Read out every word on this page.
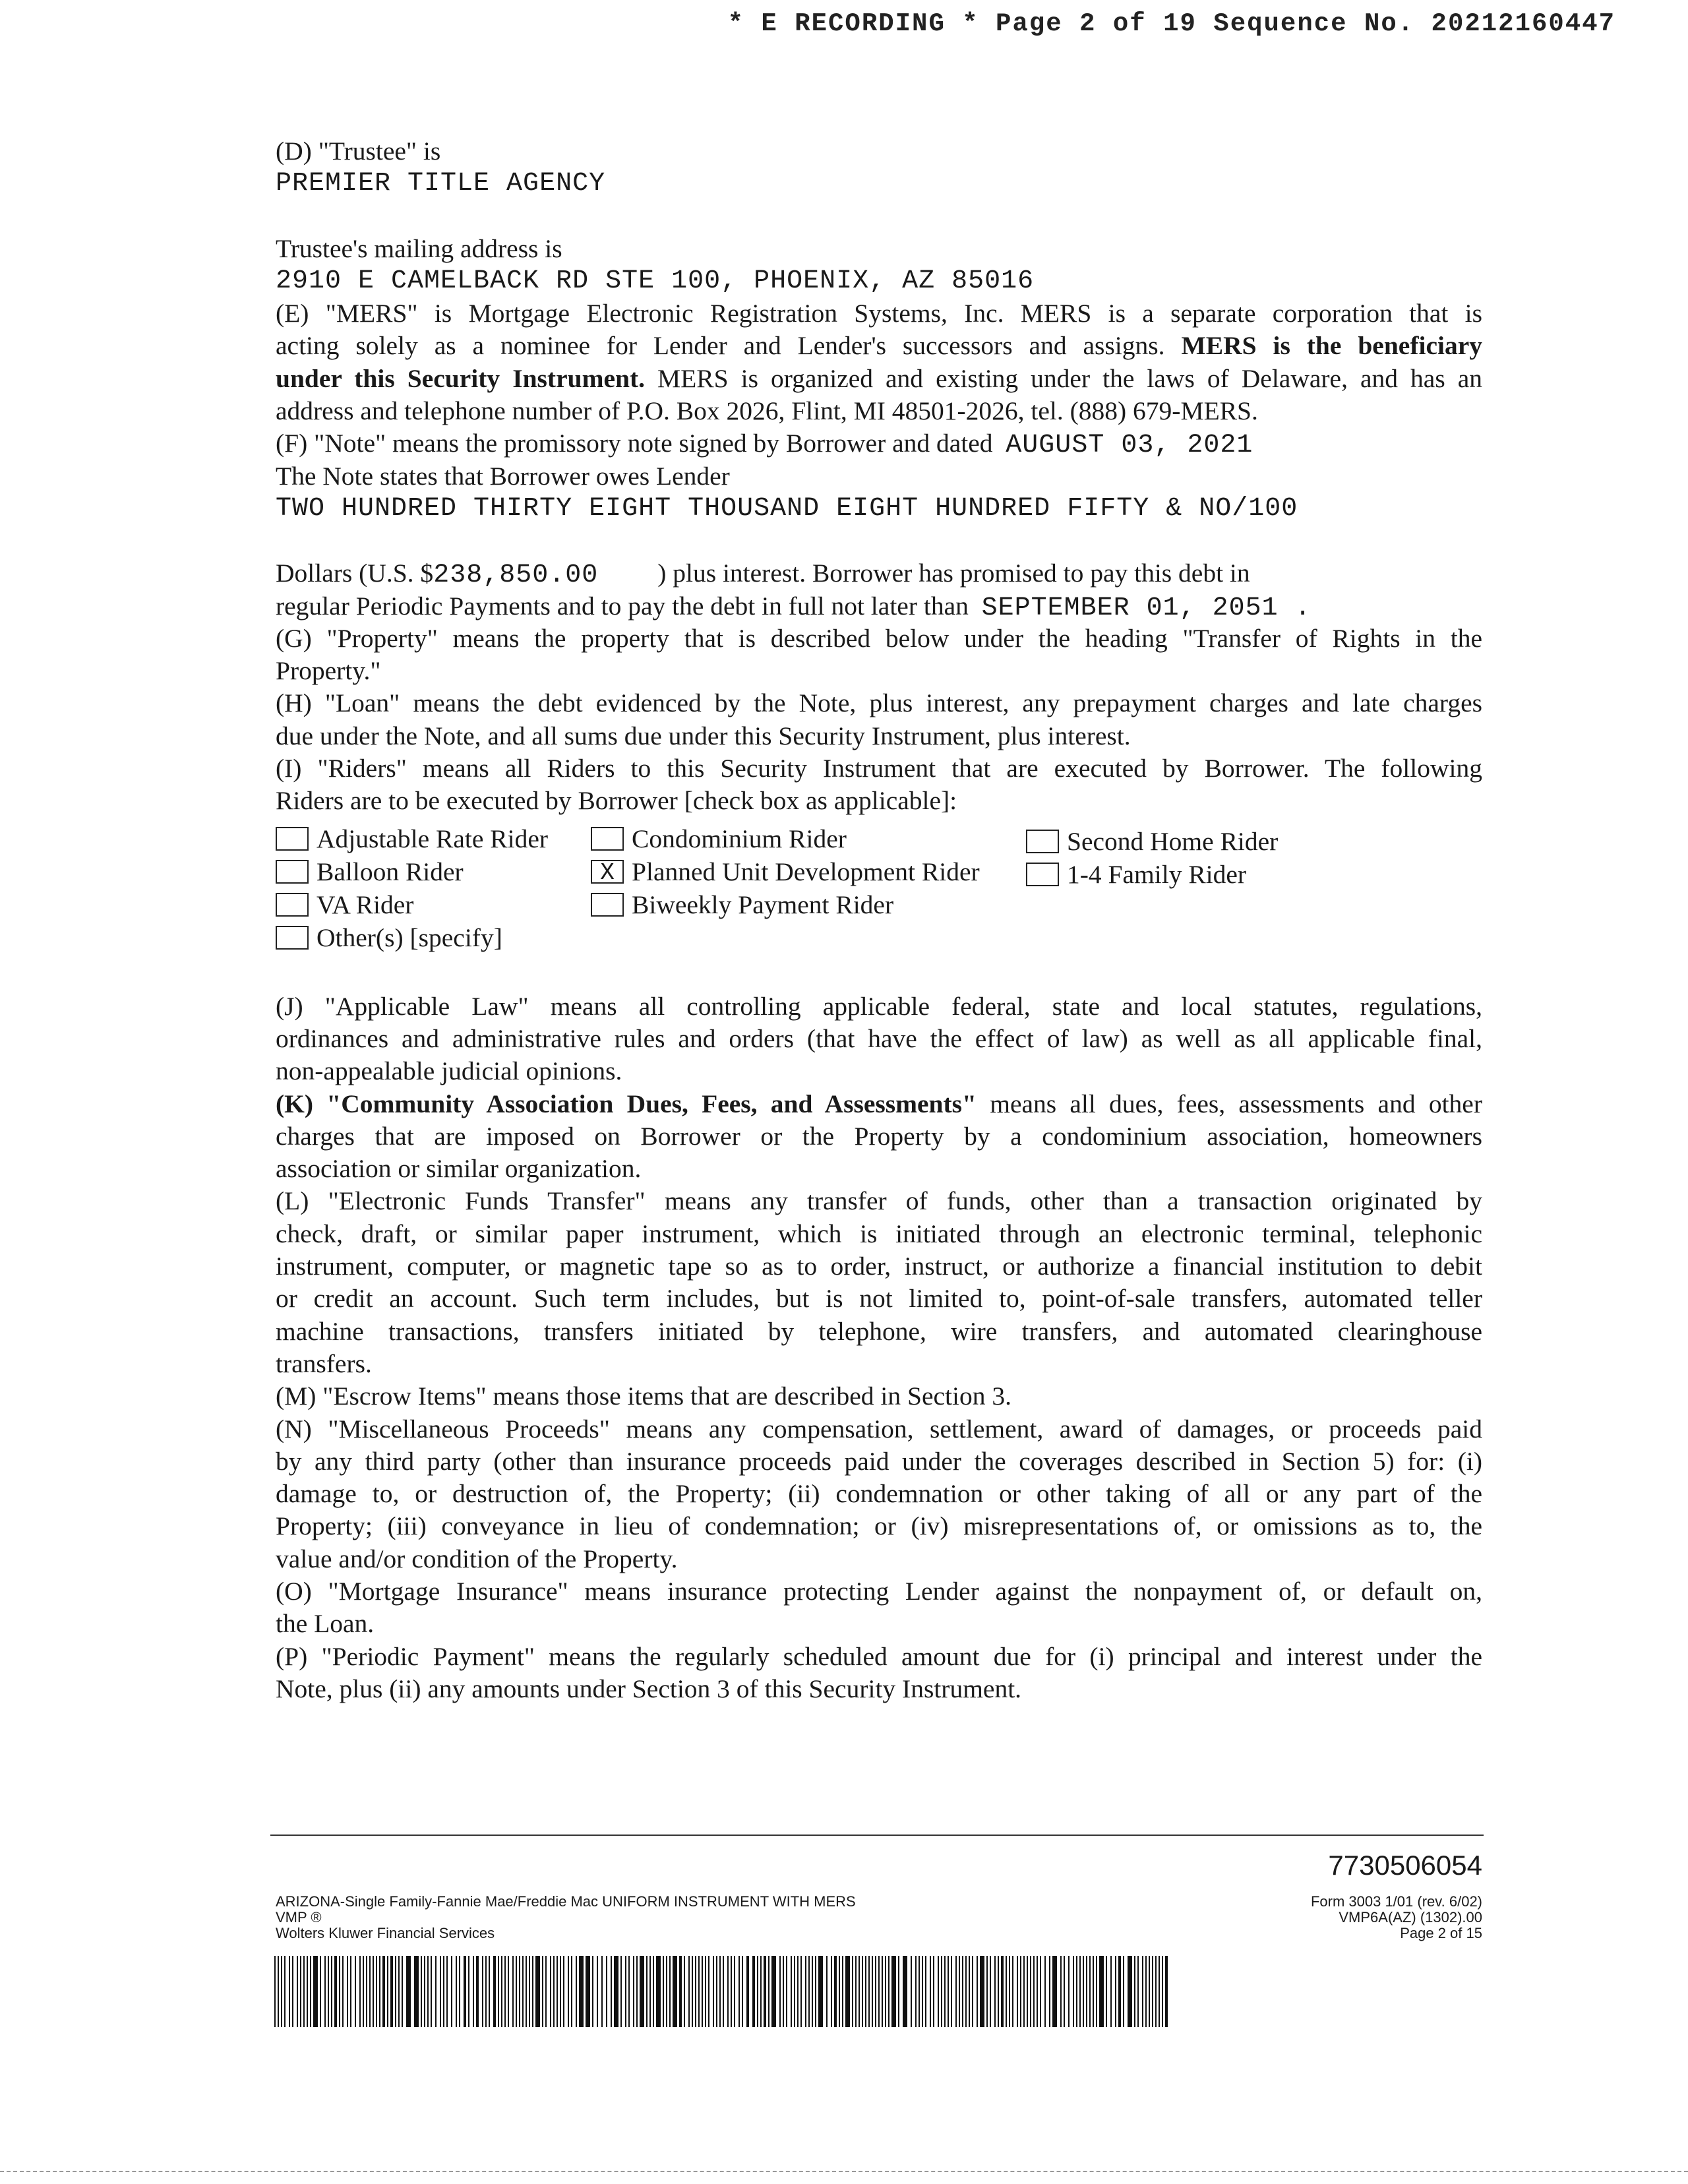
* E RECORDING * Page 2 of 19 Sequence No. 20212160447
(D) "Trustee" is
PREMIER TITLE AGENCY
Trustee's mailing address is
2910 E CAMELBACK RD STE 100, PHOENIX, AZ 85016
(E) "MERS" is Mortgage Electronic Registration Systems, Inc. MERS is a separate corporation that is
acting solely as a nominee for Lender and Lender's successors and assigns. MERS is the beneficiary
under this Security Instrument. MERS is organized and existing under the laws of Delaware, and has an
address and telephone number of P.O. Box 2026, Flint, MI 48501-2026, tel. (888) 679-MERS.
(F) "Note" means the promissory note signed by Borrower and dated AUGUST 03, 2021
The Note states that Borrower owes Lender
TWO HUNDRED THIRTY EIGHT THOUSAND EIGHT HUNDRED FIFTY & NO/100
Dollars (U.S. $238,850.00 ) plus interest. Borrower has promised to pay this debt in
regular Periodic Payments and to pay the debt in full not later than SEPTEMBER 01, 2051 .
(G) "Property" means the property that is described below under the heading "Transfer of Rights in the
Property."
(H) "Loan" means the debt evidenced by the Note, plus interest, any prepayment charges and late charges
due under the Note, and all sums due under this Security Instrument, plus interest.
(I) "Riders" means all Riders to this Security Instrument that are executed by Borrower. The following
Riders are to be executed by Borrower [check box as applicable]:
Adjustable Rate Rider
Balloon Rider
VA Rider
Other(s) [specify]
Condominium Rider
X Planned Unit Development Rider
Biweekly Payment Rider
Second Home Rider
1-4 Family Rider
(J) "Applicable Law" means all controlling applicable federal, state and local statutes, regulations,
ordinances and administrative rules and orders (that have the effect of law) as well as all applicable final,
non-appealable judicial opinions.
(K) "Community Association Dues, Fees, and Assessments" means all dues, fees, assessments and other
charges that are imposed on Borrower or the Property by a condominium association, homeowners
association or similar organization.
(L) "Electronic Funds Transfer" means any transfer of funds, other than a transaction originated by
check, draft, or similar paper instrument, which is initiated through an electronic terminal, telephonic
instrument, computer, or magnetic tape so as to order, instruct, or authorize a financial institution to debit
or credit an account. Such term includes, but is not limited to, point-of-sale transfers, automated teller
machine transactions, transfers initiated by telephone, wire transfers, and automated clearinghouse
transfers.
(M) "Escrow Items" means those items that are described in Section 3.
(N) "Miscellaneous Proceeds" means any compensation, settlement, award of damages, or proceeds paid
by any third party (other than insurance proceeds paid under the coverages described in Section 5) for: (i)
damage to, or destruction of, the Property; (ii) condemnation or other taking of all or any part of the
Property; (iii) conveyance in lieu of condemnation; or (iv) misrepresentations of, or omissions as to, the
value and/or condition of the Property.
(O) "Mortgage Insurance" means insurance protecting Lender against the nonpayment of, or default on,
the Loan.
(P) "Periodic Payment" means the regularly scheduled amount due for (i) principal and interest under the
Note, plus (ii) any amounts under Section 3 of this Security Instrument.
7730506054
ARIZONA-Single Family-Fannie Mae/Freddie Mac UNIFORM INSTRUMENT WITH MERS
VMP ®
Wolters Kluwer Financial Services
Form 3003 1/01 (rev. 6/02)
VMP6A(AZ) (1302).00
Page 2 of 15
